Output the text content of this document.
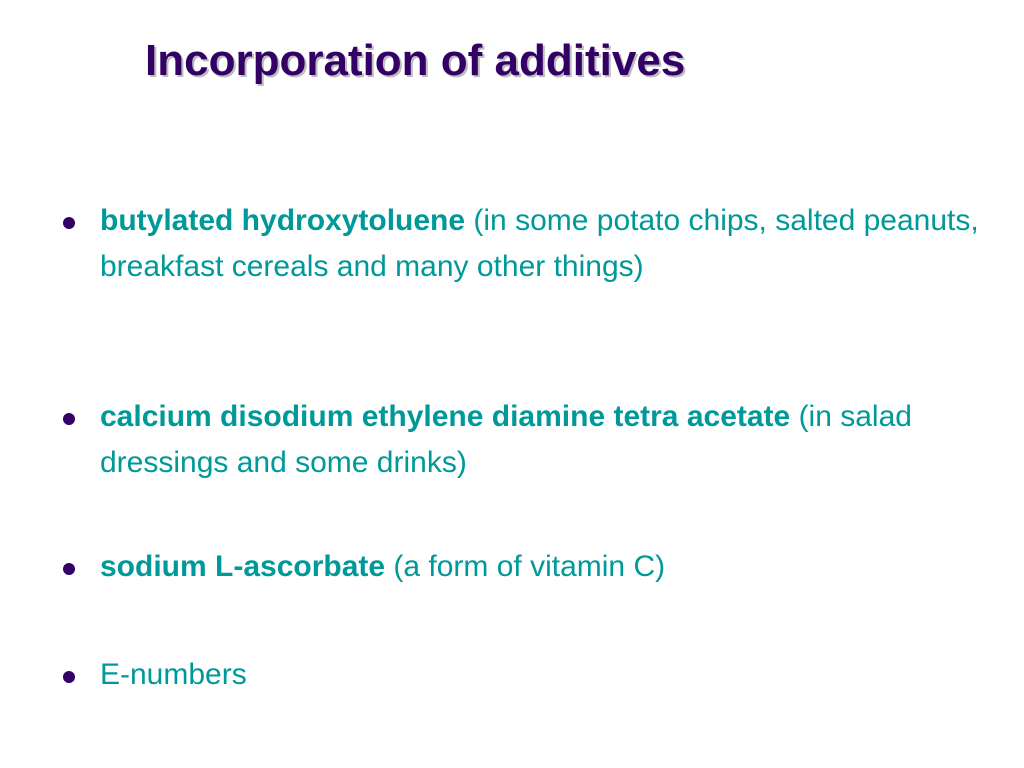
Incorporation of additives
butylated hydroxytoluene (in some potato chips, salted peanuts, breakfast cereals and many other things)
calcium disodium ethylene diamine tetra acetate (in salad dressings and some drinks)
sodium L-ascorbate (a form of vitamin C)
E-numbers
